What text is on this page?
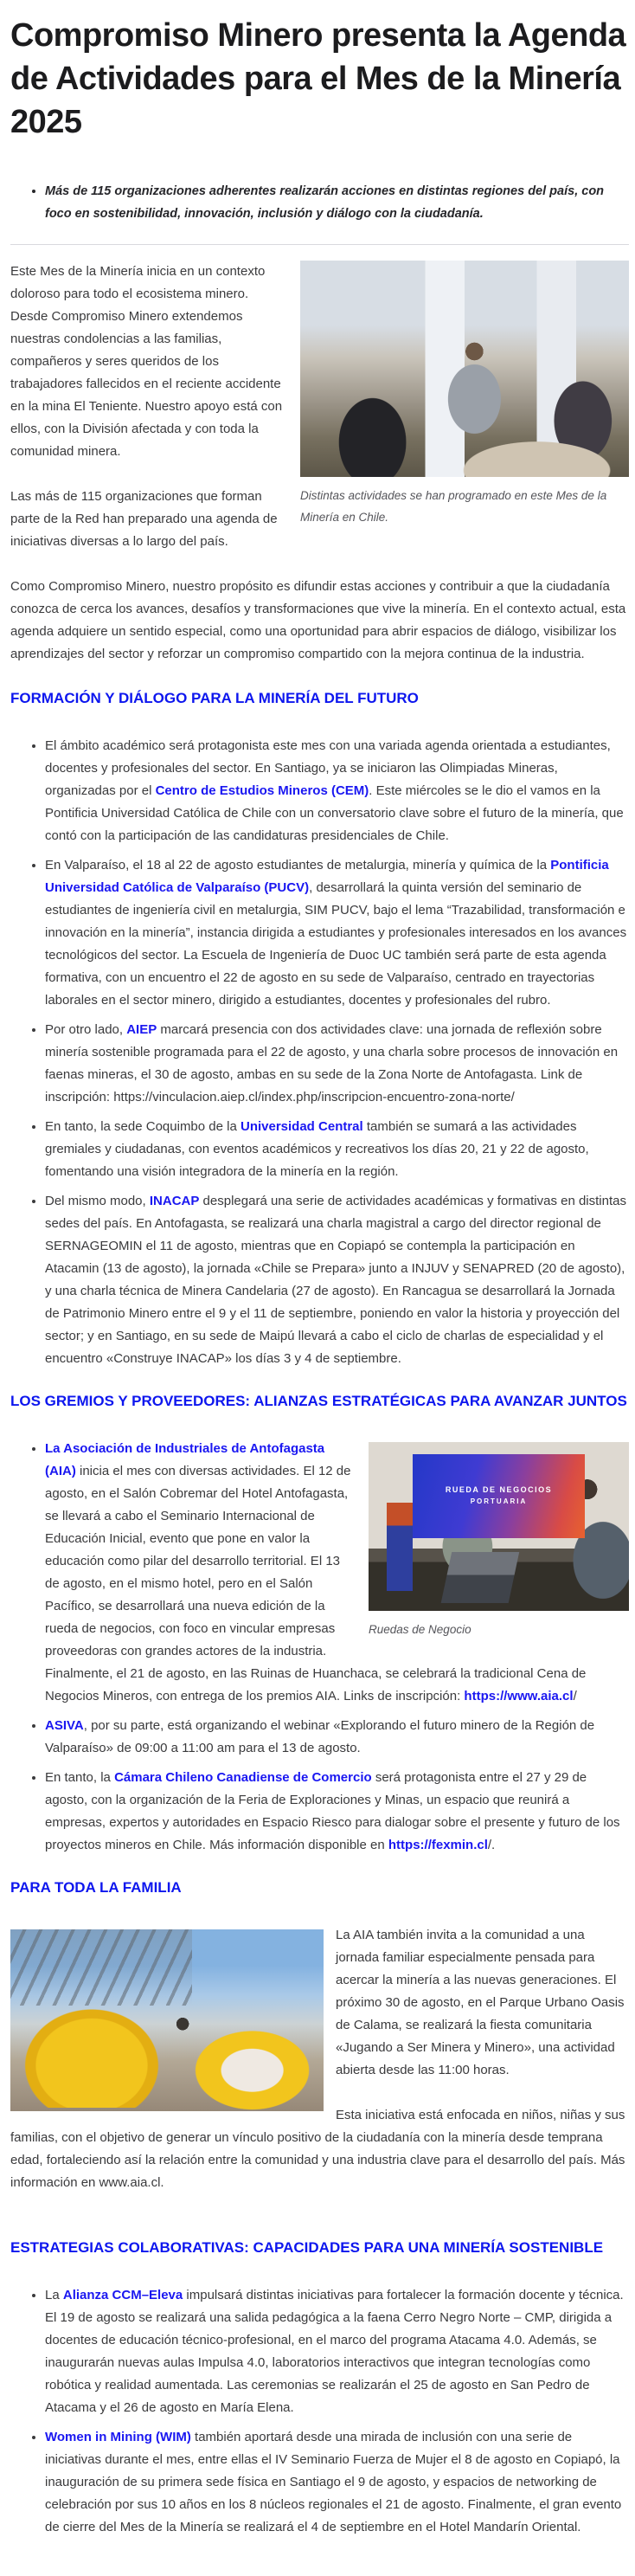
Compromiso Minero presenta la Agenda de Actividades para el Mes de la Minería 2025
• Más de 115 organizaciones adherentes realizarán acciones en distintas regiones del país, con foco en sostenibilidad, innovación, inclusión y diálogo con la ciudadanía.
Distintas actividades se han programado en este Mes de la Minería en Chile.

Este Mes de la Minería inicia en un contexto doloroso para todo el ecosistema minero. Desde Compromiso Minero extendemos nuestras condolencias a las familias, compañeros y seres queridos de los trabajadores fallecidos en el reciente accidente en la mina El Teniente. Nuestro apoyo está con ellos, con la División afectada y con toda la comunidad minera.

Las más de 115 organizaciones que forman parte de la Red han preparado una agenda de iniciativas diversas a lo largo del país.

Como Compromiso Minero, nuestro propósito es difundir estas acciones y contribuir a que la ciudadanía conozca de cerca los avances, desafíos y transformaciones que vive la minería. En el contexto actual, esta agenda adquiere un sentido especial, como una oportunidad para abrir espacios de diálogo, visibilizar los aprendizajes del sector y reforzar un compromiso compartido con la mejora continua de la industria.

FORMACIÓN Y DIÁLOGO PARA LA MINERÍA DEL FUTURO
• El ámbito académico será protagonista este mes con una variada agenda orientada a estudiantes, docentes y profesionales del sector. En Santiago, ya se iniciaron las Olimpiadas Mineras, organizadas por el Centro de Estudios Mineros (CEM). Este miércoles se le dio el vamos en la Pontificia Universidad Católica de Chile con un conversatorio clave sobre el futuro de la minería, que contó con la participación de las candidaturas presidenciales de Chile.
• En Valparaíso, el 18 al 22 de agosto estudiantes de metalurgia, minería y química de la Pontificia Universidad Católica de Valparaíso (PUCV), desarrollará la quinta versión del seminario de estudiantes de ingeniería civil en metalurgia, SIM PUCV, bajo el lema “Trazabilidad, transformación e innovación en la minería”, instancia dirigida a estudiantes y profesionales interesados en los avances tecnológicos del sector. La Escuela de Ingeniería de Duoc UC también será parte de esta agenda formativa, con un encuentro el 22 de agosto en su sede de Valparaíso, centrado en trayectorias laborales en el sector minero, dirigido a estudiantes, docentes y profesionales del rubro.
• Por otro lado, AIEP marcará presencia con dos actividades clave: una jornada de reflexión sobre minería sostenible programada para el 22 de agosto, y una charla sobre procesos de innovación en faenas mineras, el 30 de agosto, ambas en su sede de la Zona Norte de Antofagasta. Link de inscripción: https://vinculacion.aiep.cl/index.php/inscripcion-encuentro-zona-norte/
• En tanto, la sede Coquimbo de la Universidad Central también se sumará a las actividades gremiales y ciudadanas, con eventos académicos y recreativos los días 20, 21 y 22 de agosto, fomentando una visión integradora de la minería en la región.
• Del mismo modo, INACAP desplegará una serie de actividades académicas y formativas en distintas sedes del país. En Antofagasta, se realizará una charla magistral a cargo del director regional de SERNAGEOMIN el 11 de agosto, mientras que en Copiapó se contempla la participación en Atacamin (13 de agosto), la jornada «Chile se Prepara» junto a INJUV y SENAPRED (20 de agosto), y una charla técnica de Minera Candelaria (27 de agosto). En Rancagua se desarrollará la Jornada de Patrimonio Minero entre el 9 y el 11 de septiembre, poniendo en valor la historia y proyección del sector; y en Santiago, en su sede de Maipú llevará a cabo el ciclo de charlas de especialidad y el encuentro «Construye INACAP» los días 3 y 4 de septiembre.
LOS GREMIOS Y PROVEEDORES: ALIANZAS ESTRATÉGICAS PARA AVANZAR JUNTOS
• RUEDA DE NEGOCIOS
PORTUARIA
Ruedas de Negocio
La Asociación de Industriales de Antofagasta (AIA) inicia el mes con diversas actividades. El 12 de agosto, en el Salón Cobremar del Hotel Antofagasta, se llevará a cabo el Seminario Internacional de Educación Inicial, evento que pone en valor la educación como pilar del desarrollo territorial. El 13 de agosto, en el mismo hotel, pero en el Salón Pacífico, se desarrollará una nueva edición de la rueda de negocios, con foco en vincular empresas proveedoras con grandes actores de la industria. Finalmente, el 21 de agosto, en las Ruinas de Huanchaca, se celebrará la tradicional Cena de Negocios Mineros, con entrega de los premios AIA. Links de inscripción: https://www.aia.cl/
• ASIVA, por su parte, está organizando el webinar «Explorando el futuro minero de la Región de Valparaíso» de 09:00 a 11:00 am para el 13 de agosto.
• En tanto, la Cámara Chileno Canadiense de Comercio será protagonista entre el 27 y 29 de agosto, con la organización de la Feria de Exploraciones y Minas, un espacio que reunirá a empresas, expertos y autoridades en Espacio Riesco para dialogar sobre el presente y futuro de los proyectos mineros en Chile. Más información disponible en https://fexmin.cl/.
PARA TODA LA FAMILIA

La AIA también invita a la comunidad a una jornada familiar especialmente pensada para acercar la minería a las nuevas generaciones. El próximo 30 de agosto, en el Parque Urbano Oasis de Calama, se realizará la fiesta comunitaria «Jugando a Ser Minera y Minero», una actividad abierta desde las 11:00 horas.

Esta iniciativa está enfocada en niños, niñas y sus familias, con el objetivo de generar un vínculo positivo de la ciudadanía con la minería desde temprana edad, fortaleciendo así la relación entre la comunidad y una industria clave para el desarrollo del país. Más información en www.aia.cl.

ESTRATEGIAS COLABORATIVAS: CAPACIDADES PARA UNA MINERÍA SOSTENIBLE
• La Alianza CCM–Eleva impulsará distintas iniciativas para fortalecer la formación docente y técnica. El 19 de agosto se realizará una salida pedagógica a la faena Cerro Negro Norte – CMP, dirigida a docentes de educación técnico-profesional, en el marco del programa Atacama 4.0. Además, se inaugurarán nuevas aulas Impulsa 4.0, laboratorios interactivos que integran tecnologías como robótica y realidad aumentada. Las ceremonias se realizarán el 25 de agosto en San Pedro de Atacama y el 26 de agosto en María Elena.
• Women in Mining (WIM) también aportará desde una mirada de inclusión con una serie de iniciativas durante el mes, entre ellas el IV Seminario Fuerza de Mujer el 8 de agosto en Copiapó, la inauguración de su primera sede física en Santiago el 9 de agosto, y espacios de networking de celebración por sus 10 años en los 8 núcleos regionales el 21 de agosto. Finalmente, el gran evento de cierre del Mes de la Minería se realizará el 4 de septiembre en el Hotel Mandarín Oriental.
